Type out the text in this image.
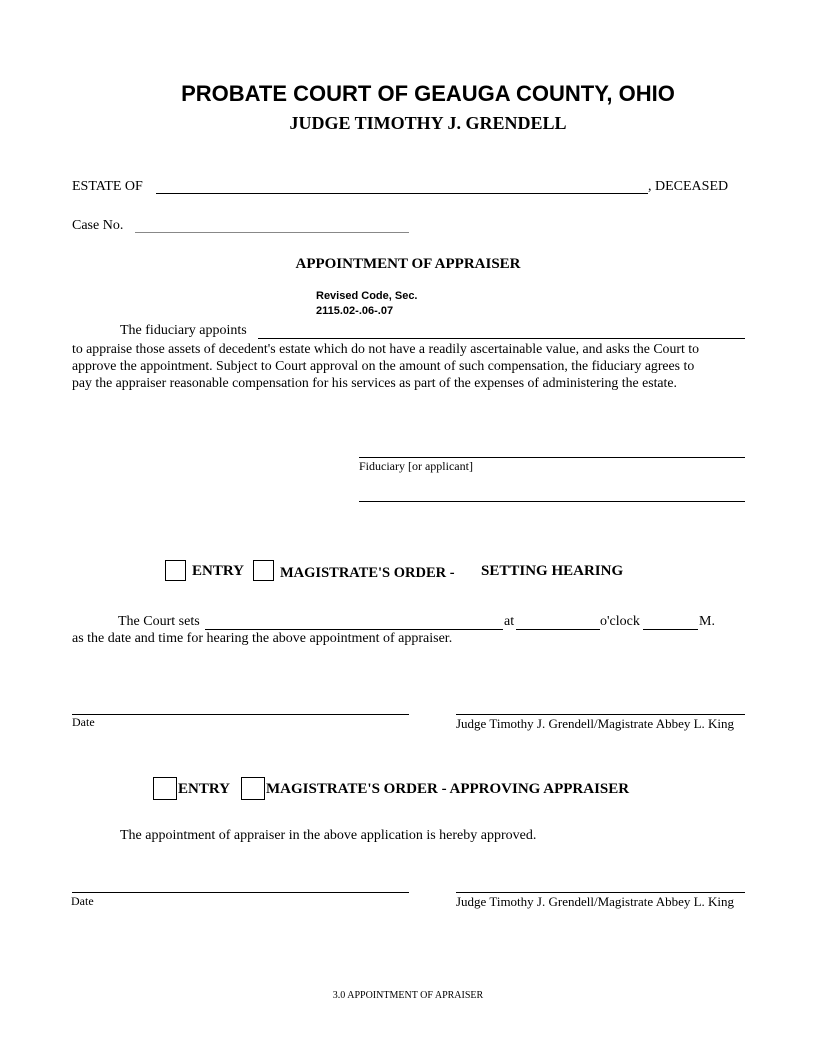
PROBATE COURT OF GEAUGA COUNTY, OHIO
JUDGE TIMOTHY J. GRENDELL
ESTATE OF	, DECEASED
Case No.
APPOINTMENT OF APPRAISER
Revised Code, Sec.
2115.02-.06-.07
The fiduciary appoints
to appraise those assets of decedent's estate which do not have a readily ascertainable value, and asks the Court to
approve the appointment. Subject to Court approval on the amount of such compensation, the fiduciary agrees to
pay the appraiser reasonable compensation for his services as part of the expenses of administering the estate.
Fiduciary [or applicant]
ENTRY MAGISTRATE'S ORDER - SETTING HEARING
The Court sets	at	o'clock	M.
as the date and time for hearing the above appointment of appraiser.
Date	Judge Timothy J. Grendell/Magistrate Abbey L. King
ENTRY MAGISTRATE'S ORDER - APPROVING APPRAISER
The appointment of appraiser in the above application is hereby approved.
Date	Judge Timothy J. Grendell/Magistrate Abbey L. King
3.0 APPOINTMENT OF APRAISER
